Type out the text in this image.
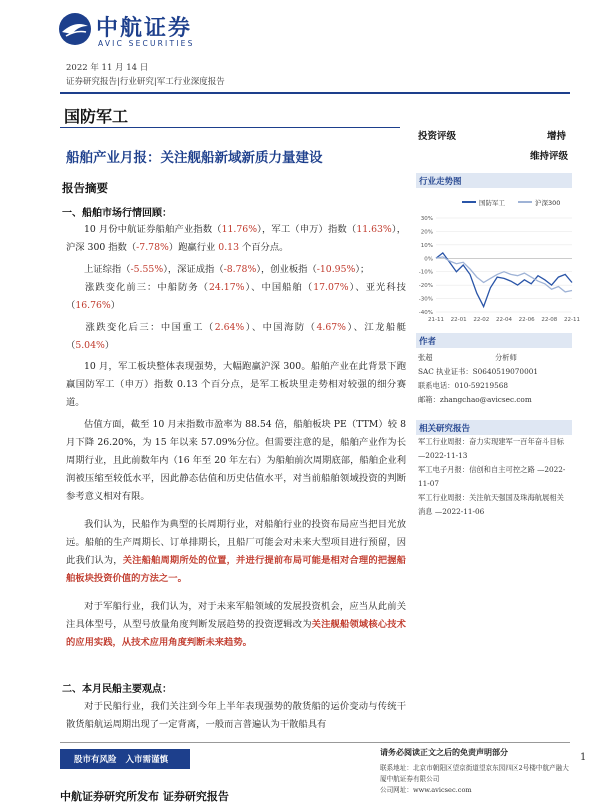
中航证券
AVIC SECURITIES
2022 年 11 月 14 日
证券研究报告|行业研究|军工行业深度报告
国防军工
船舶产业月报：关注舰船新域新质力量建设
报告摘要
一、船舶市场行情回顾：
10 月份中航证券船舶产业指数（11.76%），军工（申万）指数（11.63%），沪深 300 指数（-7.78%）跑赢行业 0.13 个百分点。
上证综指（-5.55%），深证成指（-8.78%），创业板指（-10.95%）；
涨跌变化前三：中船防务（24.17%）、中国船舶（17.07%）、亚光科技（16.76%）
涨跌变化后三：中国重工（2.64%）、中国海防（4.67%）、江龙船艇（5.04%）
10 月，军工板块整体表现强势，大幅跑赢沪深 300。船舶产业在此背景下跑赢国防军工（申万）指数 0.13 个百分点，是军工板块里走势相对较强的细分赛道。
估值方面，截至 10 月末指数市盈率为 88.54 倍，船舶板块 PE（TTM）较 8 月下降 26.20%，为 15 年以来 57.09%分位。但需要注意的是，船舶产业作为长周期行业，且此前数年内（16 年至 20 年左右）为船舶前次周期底部，船舶企业利润被压缩至较低水平，因此静态估值和历史估值水平，对当前船舶领域投资的判断参考意义相对有限。
我们认为，民船作为典型的长周期行业，对船舶行业的投资布局应当把目光放远。船舶的生产周期长、订单排期长，且船厂可能会对未来大型项目进行预留，因此我们认为，关注船舶周期所处的位置，并进行提前布局可能是相对合理的把握船舶板块投资价值的方法之一。
对于军船行业，我们认为，对于未来军船领域的发展投资机会，应当从此前关注具体型号，从型号放量角度判断发展趋势的投资逻辑改为关注舰船领域核心技术的应用实践，从技术应用角度判断未来趋势。
二、本月民船主要观点：
对于民船行业，我们关注到今年上半年表现强势的散货船的运价变动与传统干散货船航运周期出现了一定背离，一般而言普遍认为干散船具有
投资评级	增持
维持评级
行业走势图
国防军工	沪深300
30%
20%
10%
0%
-10%
-20%
-30%
-40%
21-11 22-01 22-02 22-04 22-06 22-08 22-11
作者
张超	分析师
SAC 执业证书：S0640519070001
联系电话：010-59219568
邮箱：zhangchao@avicsec.com
相关研究报告
军工行业周报：奋力实现建军一百年奋斗目标
—2022-11-13
军工电子月报：信创和自主可控之路 —2022-
11-07
军工行业周报：关注航天强国及珠海航展相关
消息 —2022-11-06
股市有风险 入市需谨慎
请务必阅读正文之后的免责声明部分
联系地址：北京市朝阳区望京街道望京东园四区2号楼中航产融大
厦中航证券有限公司
公司网址：www.avicsec.com
1
中航证券研究所发布 证券研究报告
